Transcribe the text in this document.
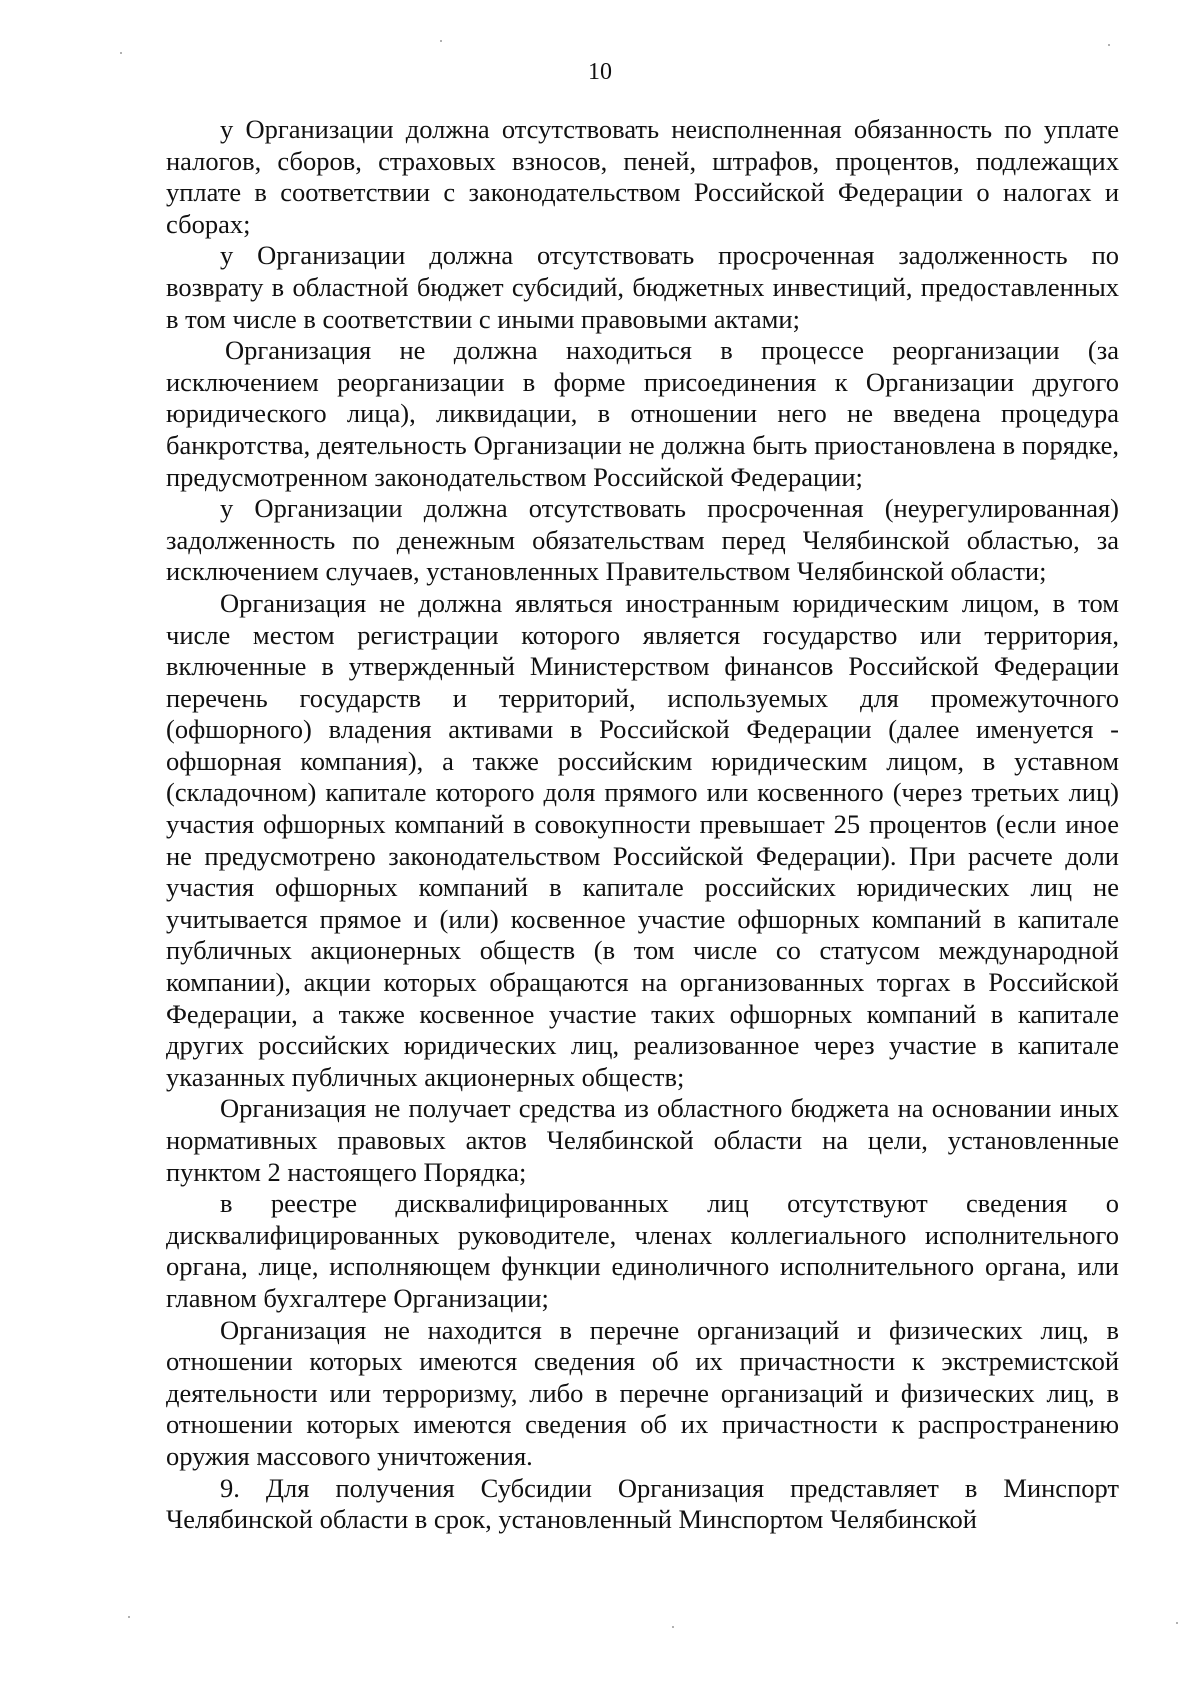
10

у Организации должна отсутствовать неисполненная обязанность по уплате налогов, сборов, страховых взносов, пеней, штрафов, процентов, подлежащих уплате в соответствии с законодательством Российской Федерации о налогах и сборах;

у Организации должна отсутствовать просроченная задолженность по возврату в областной бюджет субсидий, бюджетных инвестиций, предоставленных в том числе в соответствии с иными правовыми актами;

Организация не должна находиться в процессе реорганизации (за исключением реорганизации в форме присоединения к Организации другого юридического лица), ликвидации, в отношении него не введена процедура банкротства, деятельность Организации не должна быть приостановлена в порядке, предусмотренном законодательством Российской Федерации;

у Организации должна отсутствовать просроченная (неурегулированная) задолженность по денежным обязательствам перед Челябинской областью, за исключением случаев, установленных Правительством Челябинской области;

Организация не должна являться иностранным юридическим лицом, в том числе местом регистрации которого является государство или территория, включенные в утвержденный Министерством финансов Российской Федерации перечень государств и территорий, используемых для промежуточного (офшорного) владения активами в Российской Федерации (далее именуется - офшорная компания), а также российским юридическим лицом, в уставном (складочном) капитале которого доля прямого или косвенного (через третьих лиц) участия офшорных компаний в совокупности превышает 25 процентов (если иное не предусмотрено законодательством Российской Федерации). При расчете доли участия офшорных компаний в капитале российских юридических лиц не учитывается прямое и (или) косвенное участие офшорных компаний в капитале публичных акционерных обществ (в том числе со статусом международной компании), акции которых обращаются на организованных торгах в Российской Федерации, а также косвенное участие таких офшорных компаний в капитале других российских юридических лиц, реализованное через участие в капитале указанных публичных акционерных обществ;

Организация не получает средства из областного бюджета на основании иных нормативных правовых актов Челябинской области на цели, установленные пунктом 2 настоящего Порядка;

в реестре дисквалифицированных лиц отсутствуют сведения о дисквалифицированных руководителе, членах коллегиального исполнительного органа, лице, исполняющем функции единоличного исполнительного органа, или главном бухгалтере Организации;

Организация не находится в перечне организаций и физических лиц, в отношении которых имеются сведения об их причастности к экстремистской деятельности или терроризму, либо в перечне организаций и физических лиц, в отношении которых имеются сведения об их причастности к распространению оружия массового уничтожения.

9. Для получения Субсидии Организация представляет в Минспорт Челябинской области в срок, установленный Минспортом Челябинской
